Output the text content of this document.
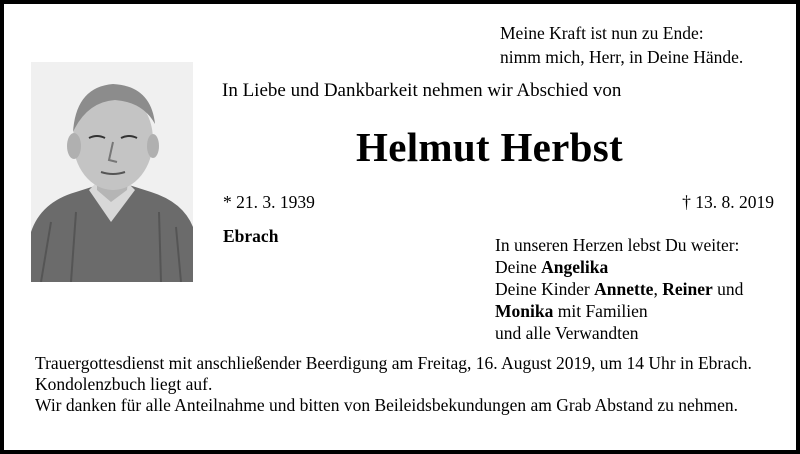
Meine Kraft ist nun zu Ende:
nimm mich, Herr, in Deine Hände.
In Liebe und Dankbarkeit nehmen wir Abschied von
Helmut Herbst
* 21. 3. 1939	† 13. 8. 2019
Ebrach	In unseren Herzen lebst Du weiter:
Deine Angelika
Deine Kinder Annette, Reiner und
Monika mit Familien
und alle Verwandten

Trauergottesdienst mit anschließender Beerdigung am Freitag, 16. August 2019, um 14 Uhr in Ebrach. Kondolenzbuch liegt auf.

Wir danken für alle Anteilnahme und bitten von Beileidsbekundungen am Grab Abstand zu nehmen.
